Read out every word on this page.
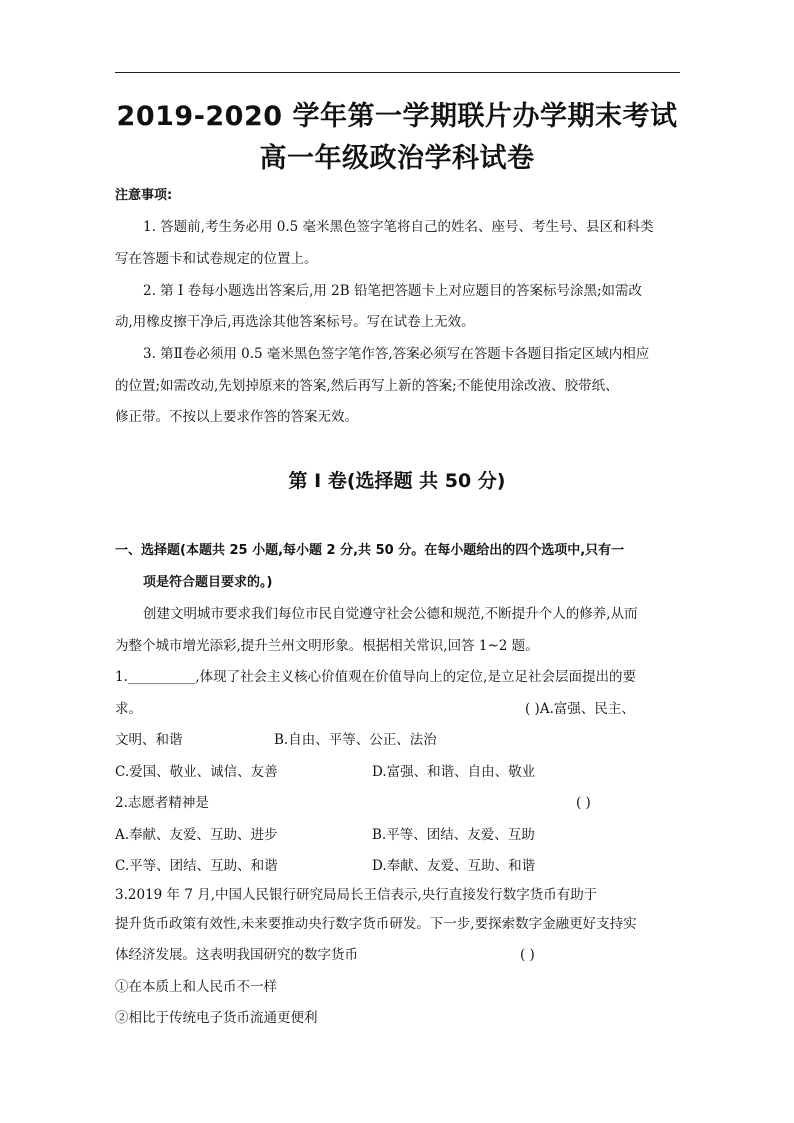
2019-2020 学年第一学期联片办学期末考试
高一年级政治学科试卷
注意事项:
1. 答题前,考生务必用 0.5 毫米黑色签字笔将自己的姓名、座号、考生号、县区和科类
写在答题卡和试卷规定的位置上。
2. 第 I 卷每小题选出答案后,用 2B 铅笔把答题卡上对应题目的答案标号涂黑;如需改
动,用橡皮擦干净后,再选涂其他答案标号。写在试卷上无效。
3. 第Ⅱ卷必须用 0.5 毫米黑色签字笔作答,答案必须写在答题卡各题目指定区域内相应
的位置;如需改动,先划掉原来的答案,然后再写上新的答案;不能使用涂改液、胶带纸、
修正带。不按以上要求作答的答案无效。
第 I 卷(选择题 共 50 分)
一、选择题(本题共 25 小题,每小题 2 分,共 50 分。在每小题给出的四个选项中,只有一
项是符合题目要求的。)
创建文明城市要求我们每位市民自觉遵守社会公德和规范,不断提升个人的修养,从而
为整个城市增光添彩,提升兰州文明形象。根据相关常识,回答 1~2 题。
1.__________,体现了社会主义核心价值观在价值导向上的定位,是立足社会层面提出的要
求。	( )A.富强、民主、
文明、和谐	B.自由、平等、公正、法治
C.爱国、敬业、诚信、友善	D.富强、和谐、自由、敬业
2.志愿者精神是	( )
A.奉献、友爱、互助、进步	B.平等、团结、友爱、互助
C.平等、团结、互助、和谐	D.奉献、友爱、互助、和谐
3.2019 年 7 月,中国人民银行研究局局长王信表示,央行直接发行数字货币有助于
提升货币政策有效性,未来要推动央行数字货币研发。下一步,要探索数字金融更好支持实
体经济发展。这表明我国研究的数字货币	( )
①在本质上和人民币不一样
②相比于传统电子货币流通更便利
